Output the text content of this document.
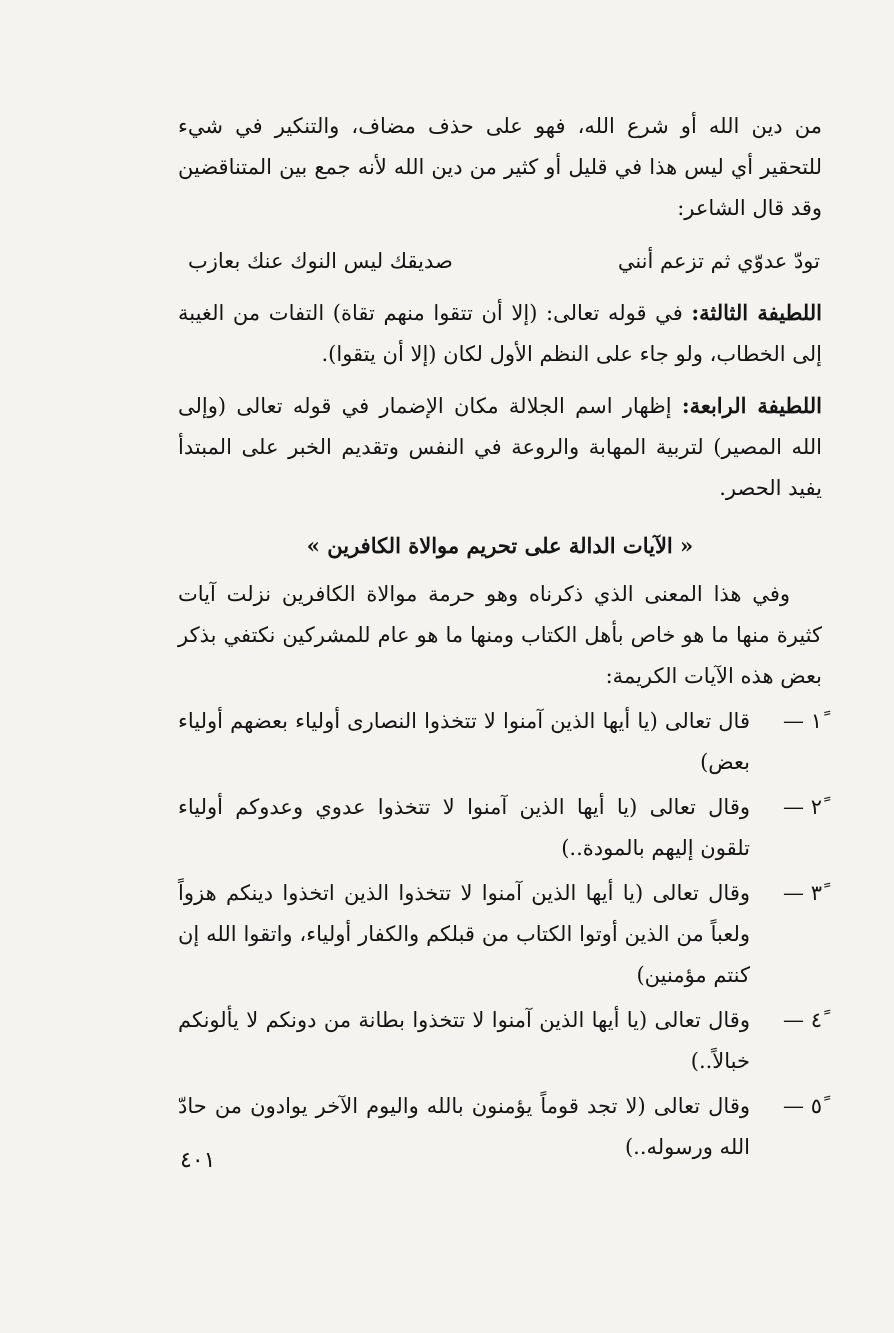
من دين الله أو شرع الله، فهو على حذف مضاف، والتنكير في شيء للتحقير أي ليس هذا في قليل أو كثير من دين الله لأنه جمع بين المتناقضين وقد قال الشاعر:

تودّ عدوّي ثم تزعم أنني
صديقك ليس النوك عنك بعازب

اللطيفة الثالثة: في قوله تعالى: (إلا أن تتقوا منهم تقاة) التفات من الغيبة إلى الخطاب، ولو جاء على النظم الأول لكان (إلا أن يتقوا).

اللطيفة الرابعة: إظهار اسم الجلالة مكان الإضمار في قوله تعالى (وإلى الله المصير) لتربية المهابة والروعة في النفس وتقديم الخبر على المبتدأ يفيد الحصر.

« الآيات الدالة على تحريم موالاة الكافرين »

وفي هذا المعنى الذي ذكرناه وهو حرمة موالاة الكافرين نزلت آيات كثيرة منها ما هو خاص بأهل الكتاب ومنها ما هو عام للمشركين نكتفي بذكر بعض هذه الآيات الكريمة:

١ً —
قال تعالى (يا أيها الذين آمنوا لا تتخذوا النصارى أولياء بعضهم أولياء بعض)
٢ً —
وقال تعالى (يا أيها الذين آمنوا لا تتخذوا عدوي وعدوكم أولياء تلقون إليهم بالمودة..)
٣ً —
وقال تعالى (يا أيها الذين آمنوا لا تتخذوا الذين اتخذوا دينكم هزواً ولعباً من الذين أوتوا الكتاب من قبلكم والكفار أولياء، واتقوا الله إن كنتم مؤمنين)
٤ً —
وقال تعالى (يا أيها الذين آمنوا لا تتخذوا بطانة من دونكم لا يألونكم خبالاً..)
٥ً —
وقال تعالى (لا تجد قوماً يؤمنون بالله واليوم الآخر يوادون من حادّ الله ورسوله..)
٤٠١
